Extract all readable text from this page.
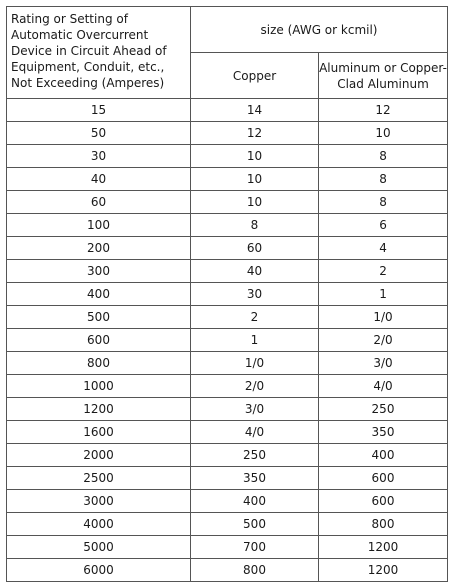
Rating or Setting of Automatic Overcurrent Device in Circuit Ahead of Equipment, Conduit, etc., Not Exceeding (Amperes)	size (AWG or kcmil)	
	Copper	Aluminum or Copper-Clad Aluminum
15	14	12
50	12	10
30	10	8
40	10	8
60	10	8
100	8	6
200	60	4
300	40	2
400	30	1
500	2	1/0
600	1	2/0
800	1/0	3/0
1000	2/0	4/0
1200	3/0	250
1600	4/0	350
2000	250	400
2500	350	600
3000	400	600
4000	500	800
5000	700	1200
6000	800	1200
